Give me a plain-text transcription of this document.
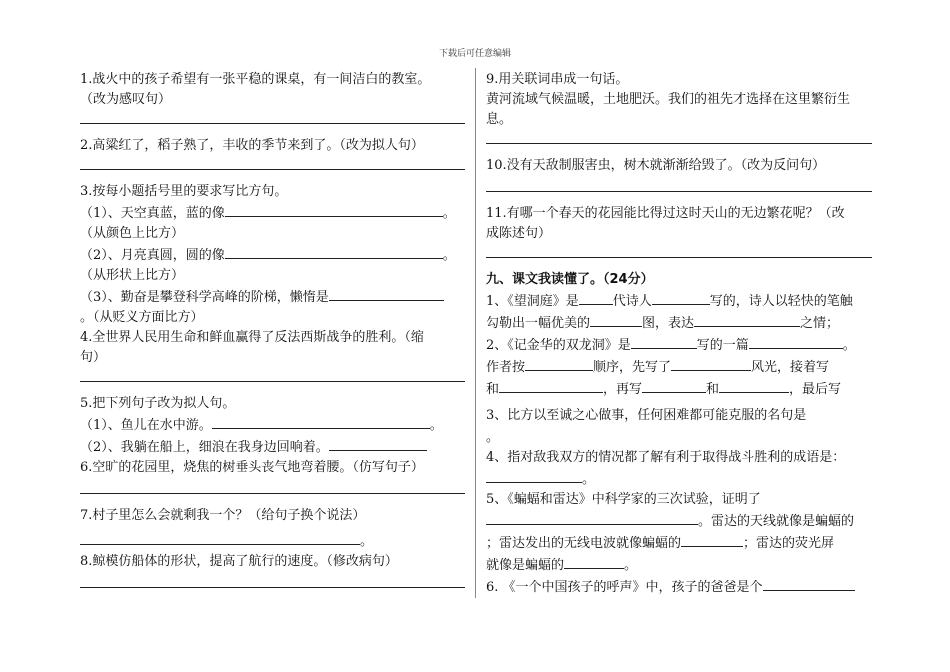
下载后可任意编辑
1.战火中的孩子希望有一张平稳的课桌，有一间洁白的教室。
（改为感叹句）
2.高粱红了，稻子熟了，丰收的季节来到了。（改为拟人句）
3.按每小题括号里的要求写比方句。
（1）、天空真蓝，蓝的像	。
（从颜色上比方）
（2）、月亮真圆，圆的像	。
（从形状上比方）
（3）、勤奋是攀登科学高峰的阶梯，懒惰是
。（从贬义方面比方）
4.全世界人民用生命和鲜血赢得了反法西斯战争的胜利。（缩
句）
5.把下列句子改为拟人句。
（1）、鱼儿在水中游。	。
（2）、我躺在船上，细浪在我身边回响着。
6.空旷的花园里，烧焦的树垂头丧气地弯着腰。（仿写句子）
7.村子里怎么会就剩我一个？（给句子换个说法）
。
8.鲸模仿船体的形状，提高了航行的速度。（修改病句）
9.用关联词串成一句话。
黄河流域气候温暖，土地肥沃。我们的祖先才选择在这里繁衍生
息。
10.没有天敌制服害虫，树木就渐渐给毁了。（改为反问句）
11.有哪一个春天的花园能比得过这时天山的无边繁花呢？（改
成陈述句）
九、课文我读懂了。（24分）
1、《望洞庭》是	代诗人	写的，诗人以轻快的笔触
勾勒出一幅优美的	图，表达	之情；
2、《记金华的双龙洞》是	写的一篇	。
作者按	顺序，先写了	风光，接着写
和	，再写	和	，最后写
3、比方以至诚之心做事，任何困难都可能克服的名句是
。
4、指对敌我双方的情况都了解有利于取得战斗胜利的成语是：
。
5、《蝙蝠和雷达》中科学家的三次试验，证明了
。雷达的天线就像是蝙蝠的
；雷达发出的无线电波就像蝙蝠的	；雷达的荧光屏
就像是蝙蝠的	。
6. 《一个中国孩子的呼声》中，孩子的爸爸是个
